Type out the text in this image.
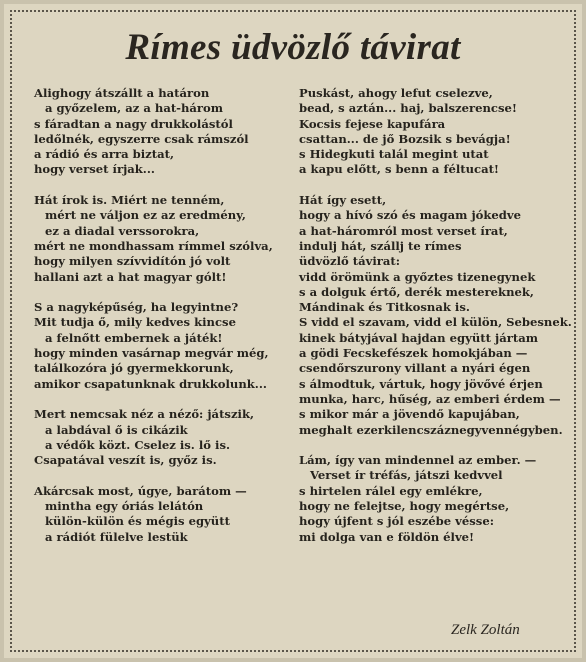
Rímes üdvözlő távirat
Alighogy átszállt a határon
a győzelem, az a hat-három
s fáradtan a nagy drukkolástól
ledőlnék, egyszerre csak rámszól
a rádió és arra biztat,
hogy verset írjak...
Hát írok is. Miért ne tenném,
mért ne váljon ez az eredmény,
ez a diadal verssorokra,
mért ne mondhassam rímmel szólva,
hogy milyen szívvidítón jó volt
hallani azt a hat magyar gólt!
S a nagyképűség, ha legyintne?
Mit tudja ő, mily kedves kincse
a felnőtt embernek a játék!
hogy minden vasárnap megvár még,
találkozóra jó gyermekkorunk,
amikor csapatunknak drukkolunk...
Mert nemcsak néz a néző: játszik,
a labdával ő is cikázik
a védők közt. Cselez is. lő is.
Csapatával veszít is, győz is.
Akárcsak most, úgye, barátom —
mintha egy óriás lelátón
külön-külön és mégis együtt
a rádiót fülelve lestük
Puskást, ahogy lefut cselezve,
bead, s aztán... haj, balszerencse!
Kocsis fejese kapufára
csattan... de jő Bozsik s bevágja!
s Hidegkuti talál megint utat
a kapu előtt, s benn a féltucat!
Hát így esett,
hogy a hívó szó és magam jókedve
a hat-háromról most verset írat,
indulj hát, szállj te rímes
üdvözlő távirat:
vidd örömünk a győztes tizenegynek
s a dolguk értő, derék mestereknek,
Mándinak és Titkosnak is.
S vidd el szavam, vidd el külön, Sebesnek.
kinek bátyjával hajdan együtt jártam
a gödi Fecskefészek homokjában —
csendőrszurony villant a nyári égen
s álmodtuk, vártuk, hogy jövővé érjen
munka, harc, hűség, az emberi érdem —
s mikor már a jövendő kapujában,
meghalt ezerkilencszáznegyvennégyben.
Lám, így van mindennel az ember. —
Verset ír tréfás, játszi kedvvel
s hirtelen rálel egy emlékre,
hogy ne felejtse, hogy megértse,
hogy újfent s jól eszébe vésse:
mi dolga van e földön élve!
Zelk Zoltán
